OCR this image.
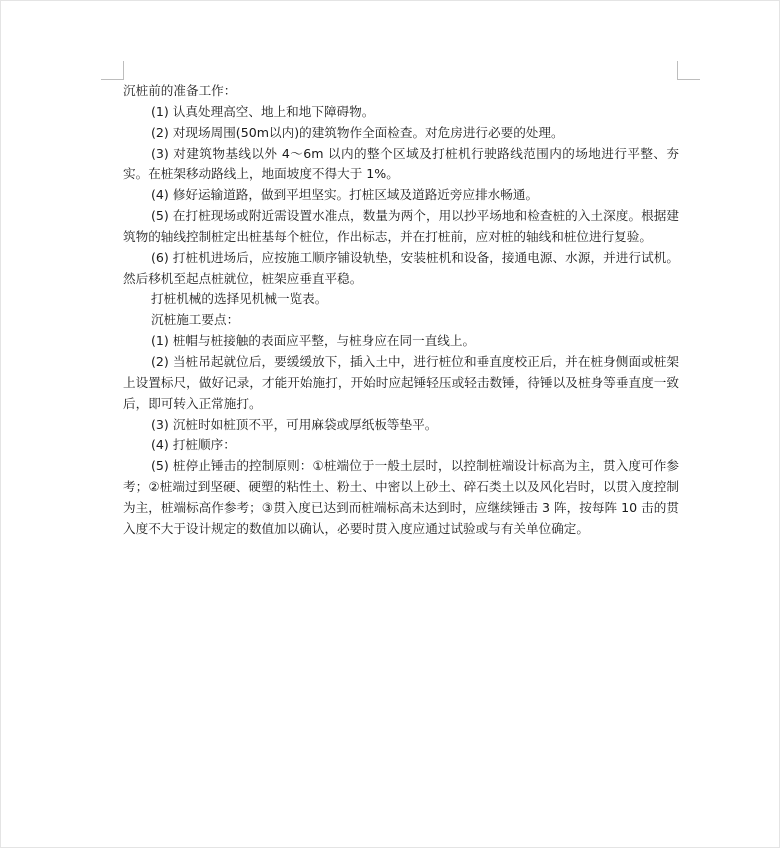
沉桩前的准备工作：

(1) 认真处理高空、地上和地下障碍物。

(2) 对现场周围(50m以内)的建筑物作全面检查。对危房进行必要的处理。

(3) 对建筑物基线以外 4～6m 以内的整个区域及打桩机行驶路线范围内的场地进行平整、夯实。在桩架移动路线上，地面坡度不得大于 1%。

(4) 修好运输道路，做到平坦坚实。打桩区域及道路近旁应排水畅通。

(5) 在打桩现场或附近需设置水准点，数量为两个，用以抄平场地和检查桩的入土深度。根据建筑物的轴线控制桩定出桩基每个桩位，作出标志，并在打桩前，应对桩的轴线和桩位进行复验。

(6) 打桩机进场后，应按施工顺序铺设轨垫，安装桩机和设备，接通电源、水源，并进行试机。然后移机至起点桩就位，桩架应垂直平稳。

打桩机械的选择见机械一览表。

沉桩施工要点：

(1) 桩帽与桩接触的表面应平整，与桩身应在同一直线上。

(2) 当桩吊起就位后，要缓缓放下，插入土中，进行桩位和垂直度校正后，并在桩身侧面或桩架上设置标尺，做好记录，才能开始施打，开始时应起锤轻压或轻击数锤，待锤以及桩身等垂直度一致后，即可转入正常施打。

(3) 沉桩时如桩顶不平，可用麻袋或厚纸板等垫平。

(4) 打桩顺序：

(5) 桩停止锤击的控制原则：①桩端位于一般土层时，以控制桩端设计标高为主，贯入度可作参考；②桩端过到坚硬、硬塑的粘性土、粉土、中密以上砂土、碎石类土以及风化岩时，以贯入度控制为主，桩端标高作参考；③贯入度已达到而桩端标高未达到时，应继续锤击 3 阵，按每阵 10 击的贯入度不大于设计规定的数值加以确认，必要时贯入度应通过试验或与有关单位确定。
